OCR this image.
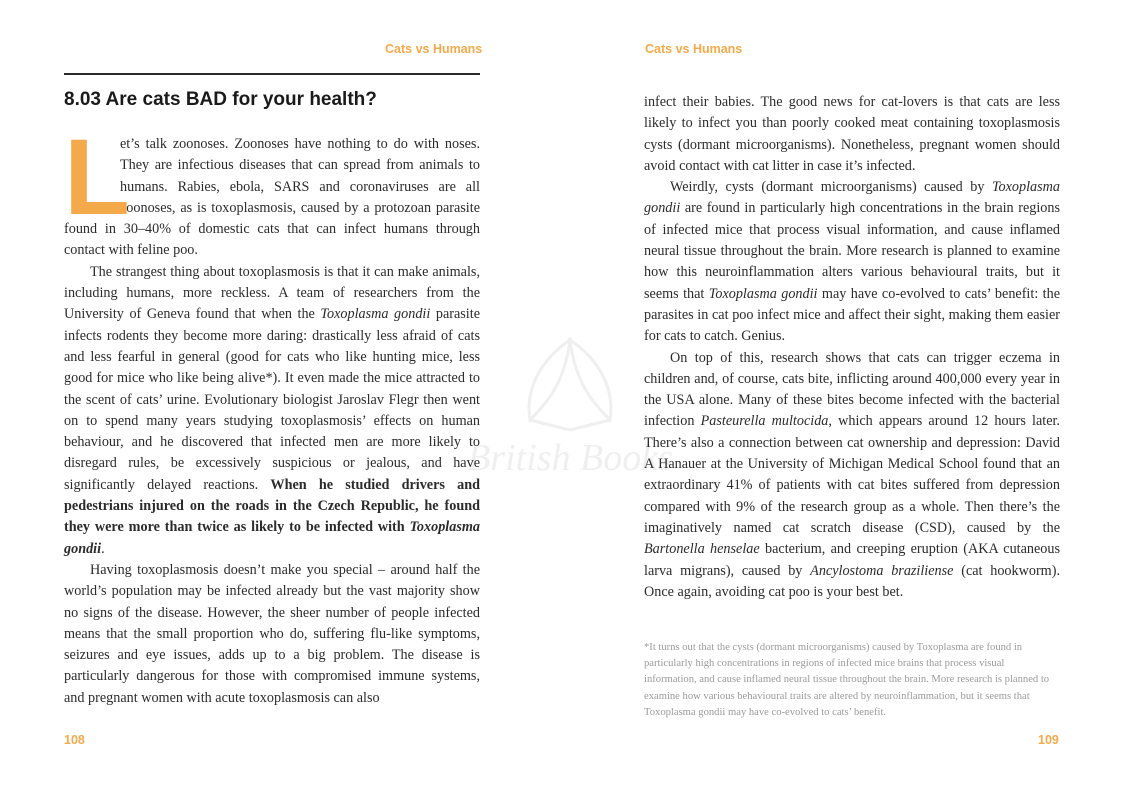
Cats vs Humans	Cats vs Humans
8.03 Are cats BAD for your health?
British Books

L
et’s talk zoonoses. Zoonoses have nothing to do with noses. They are infectious diseases that can spread from animals to humans. Rabies, ebola, SARS and coronaviruses are all zoonoses, as is toxoplasmosis, caused by a protozoan parasite found in 30–40% of domestic cats that can infect humans through contact with feline poo.

The strangest thing about toxoplasmosis is that it can make animals, including humans, more reckless. A team of researchers from the University of Geneva found that when the Toxoplasma gondii parasite infects rodents they become more daring: drastically less afraid of cats and less fearful in general (good for cats who like hunting mice, less good for mice who like being alive*). It even made the mice attracted to the scent of cats’ urine. Evolutionary biologist Jaroslav Flegr then went on to spend many years studying toxoplasmosis’ effects on human behaviour, and he discovered that infected men are more likely to disregard rules, be excessively suspicious or jealous, and have significantly delayed reactions. When he studied drivers and pedestrians injured on the roads in the Czech Republic, he found they were more than twice as likely to be infected with Toxoplasma gondii.

Having toxoplasmosis doesn’t make you special – around half the world’s population may be infected already but the vast majority show no signs of the disease. However, the sheer number of people infected means that the small proportion who do, suffering flu-like symptoms, seizures and eye issues, adds up to a big problem. The disease is particularly dangerous for those with compromised immune systems, and pregnant women with acute toxoplasmosis can also

infect their babies. The good news for cat-lovers is that cats are less likely to infect you than poorly cooked meat containing toxoplasmosis cysts (dormant microorganisms). Nonetheless, pregnant women should avoid contact with cat litter in case it’s infected.

Weirdly, cysts (dormant microorganisms) caused by Toxoplasma gondii are found in particularly high concentrations in the brain regions of infected mice that process visual information, and cause inflamed neural tissue throughout the brain. More research is planned to examine how this neuroinflammation alters various behavioural traits, but it seems that Toxoplasma gondii may have co-evolved to cats’ benefit: the parasites in cat poo infect mice and affect their sight, making them easier for cats to catch. Genius.

On top of this, research shows that cats can trigger eczema in children and, of course, cats bite, inflicting around 400,000 every year in the USA alone. Many of these bites become infected with the bacterial infection Pasteurella multocida, which appears around 12 hours later. There’s also a connection between cat ownership and depression: David A Hanauer at the University of Michigan Medical School found that an extraordinary 41% of patients with cat bites suffered from depression compared with 9% of the research group as a whole. Then there’s the imaginatively named cat scratch disease (CSD), caused by the Bartonella henselae bacterium, and creeping eruption (AKA cutaneous larva migrans), caused by Ancylostoma braziliense (cat hookworm). Once again, avoiding cat poo is your best bet.

*It turns out that the cysts (dormant microorganisms) caused by Toxoplasma are found in particularly high concentrations in regions of infected mice brains that process visual information, and cause inflamed neural tissue throughout the brain. More research is planned to examine how various behavioural traits are altered by neuroinflammation, but it seems that Toxoplasma gondii may have co-evolved to cats’ benefit.

108	109
